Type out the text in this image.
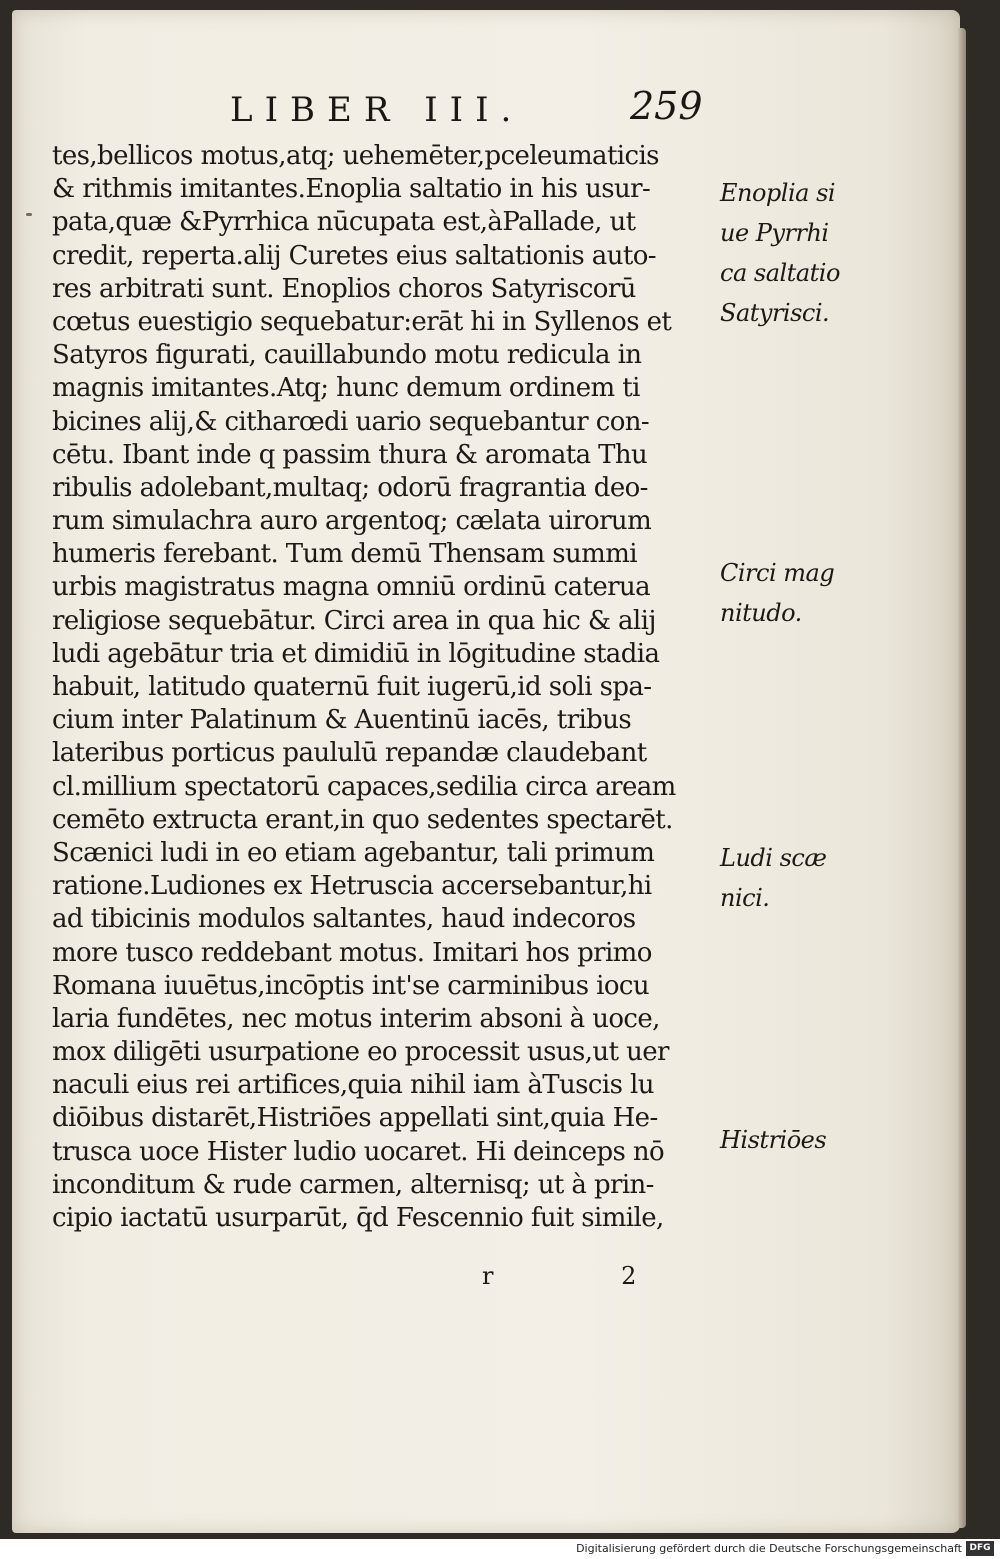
LIBER III.	259
tes,bellicos motus,atq; uehemēter,pceleumaticis
& rithmis imitantes.Enoplia saltatio in his usur-
pata,quæ &Pyrrhica nūcupata est,àPallade, ut
credit, reperta.alij Curetes eius saltationis auto-
res arbitrati sunt. Enoplios choros Satyriscorū
cœtus euestigio sequebatur:erāt hi in Syllenos et
Satyros figurati, cauillabundo motu redicula in
magnis imitantes.Atq; hunc demum ordinem ti
bicines alij,& citharœdi uario sequebantur con-
cētu. Ibant inde q passim thura & aromata Thu
ribulis adolebant,multaq; odorū fragrantia deo-
rum simulachra auro argentoq; cælata uirorum
humeris ferebant. Tum demū Thensam summi
urbis magistratus magna omniū ordinū caterua
religiose sequebātur. Circi area in qua hic & alij
ludi agebātur tria et dimidiū in lōgitudine stadia
habuit, latitudo quaternū fuit iugerū,id soli spa-
cium inter Palatinum & Auentinū iacēs, tribus
lateribus porticus paululū repandæ claudebant
cl.millium spectatorū capaces,sedilia circa aream
cemēto extructa erant,in quo sedentes spectarēt.
Scænici ludi in eo etiam agebantur, tali primum
ratione.Ludiones ex Hetruscia accersebantur,hi
ad tibicinis modulos saltantes, haud indecoros
more tusco reddebant motus. Imitari hos primo
Romana iuuētus,incōptis int'se carminibus iocu
laria fundētes, nec motus interim absoni à uoce,
mox diligēti usurpatione eo processit usus,ut uer
naculi eius rei artifices,quia nihil iam àTuscis lu
diōibus distarēt,Histriōes appellati sint,quia He-
trusca uoce Hister ludio uocaret. Hi deinceps nō
inconditum & rude carmen, alternisq; ut à prin-
cipio iactatū usurparūt, q̄d Fescennio fuit simile,
Enoplia si
ue Pyrrhi
ca saltatio
Satyrisci.
Circi mag
nitudo.
Ludi scæ
nici.
Histriōes
r 2
Digitalisierung gefördert durch die Deutsche Forschungsgemeinschaft DFG
